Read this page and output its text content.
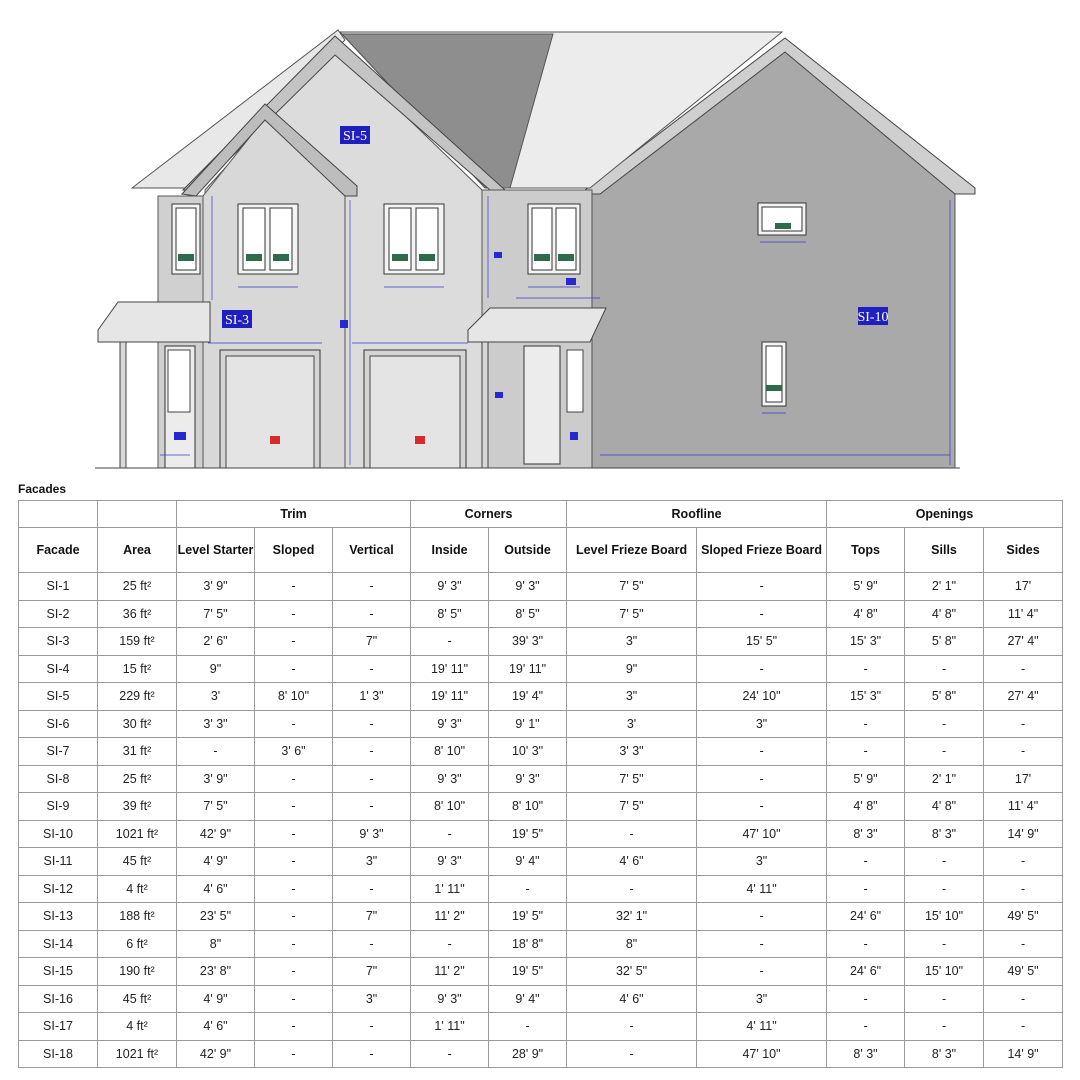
SI-5
SI-3	SI-10
Facades
		Trim			Corners		Roofline		Openings		
Facade	Area	Level Starter	Sloped	Vertical	Inside	Outside	Level Frieze Board	Sloped Frieze Board	Tops	Sills	Sides
SI-1	25 ft²	3' 9"	-	-	9' 3"	9' 3"	7' 5"	-	5' 9"	2' 1"	17'
SI-2	36 ft²	7' 5"	-	-	8' 5"	8' 5"	7' 5"	-	4' 8"	4' 8"	11' 4"
SI-3	159 ft²	2' 6"	-	7"	-	39' 3"	3"	15' 5"	15' 3"	5' 8"	27' 4"
SI-4	15 ft²	9"	-	-	19' 11"	19' 11"	9"	-	-	-	-
SI-5	229 ft²	3'	8' 10"	1' 3"	19' 11"	19' 4"	3"	24' 10"	15' 3"	5' 8"	27' 4"
SI-6	30 ft²	3' 3"	-	-	9' 3"	9' 1"	3'	3"	-	-	-
SI-7	31 ft²	-	3' 6"	-	8' 10"	10' 3"	3' 3"	-	-	-	-
SI-8	25 ft²	3' 9"	-	-	9' 3"	9' 3"	7' 5"	-	5' 9"	2' 1"	17'
SI-9	39 ft²	7' 5"	-	-	8' 10"	8' 10"	7' 5"	-	4' 8"	4' 8"	11' 4"
SI-10	1021 ft²	42' 9"	-	9' 3"	-	19' 5"	-	47' 10"	8' 3"	8' 3"	14' 9"
SI-11	45 ft²	4' 9"	-	3"	9' 3"	9' 4"	4' 6"	3"	-	-	-
SI-12	4 ft²	4' 6"	-	-	1' 11"	-	-	4' 11"	-	-	-
SI-13	188 ft²	23' 5"	-	7"	11' 2"	19' 5"	32' 1"	-	24' 6"	15' 10"	49' 5"
SI-14	6 ft²	8"	-	-	-	18' 8"	8"	-	-	-	-
SI-15	190 ft²	23' 8"	-	7"	11' 2"	19' 5"	32' 5"	-	24' 6"	15' 10"	49' 5"
SI-16	45 ft²	4' 9"	-	3"	9' 3"	9' 4"	4' 6"	3"	-	-	-
SI-17	4 ft²	4' 6"	-	-	1' 11"	-	-	4' 11"	-	-	-
SI-18	1021 ft²	42' 9"	-	-	-	28' 9"	-	47' 10"	8' 3"	8' 3"	14' 9"
